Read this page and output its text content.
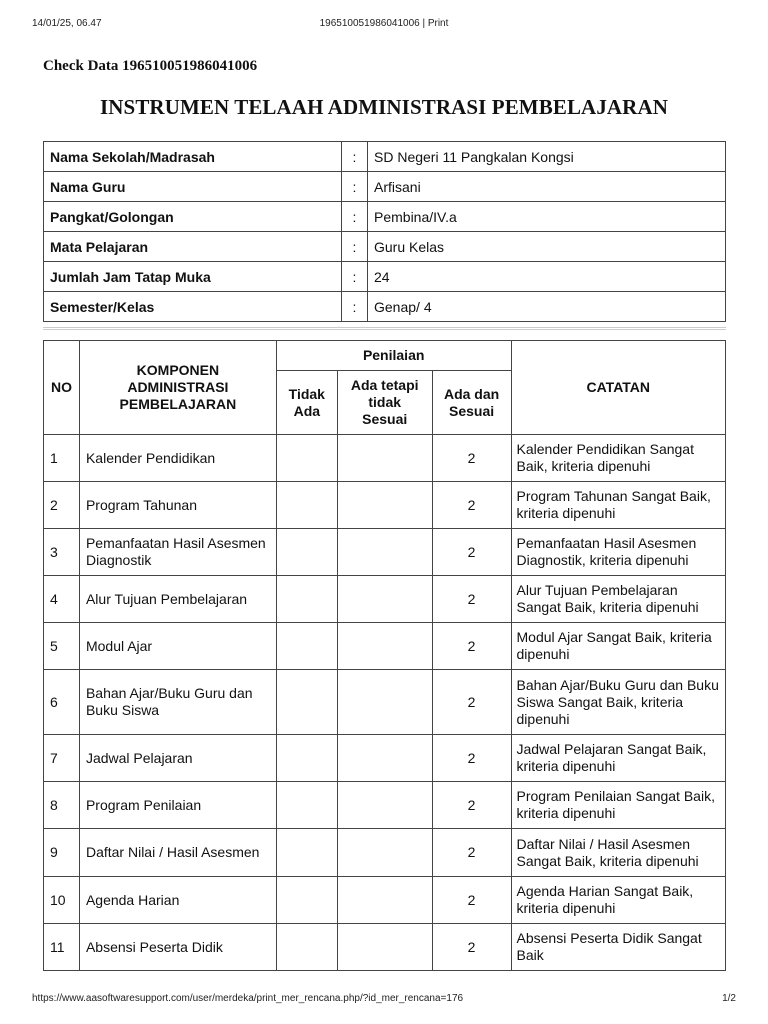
14/01/25, 06.47	196510051986041006 | Print
Check Data 196510051986041006
INSTRUMEN TELAAH ADMINISTRASI PEMBELAJARAN
Nama Sekolah/Madrasah	:	SD Negeri 11 Pangkalan Kongsi
Nama Guru	:	Arfisani
Pangkat/Golongan	:	Pembina/IV.a
Mata Pelajaran	:	Guru Kelas
Jumlah Jam Tatap Muka	:	24
Semester/Kelas	:	Genap/ 4
NO	KOMPONEN ADMINISTRASI PEMBELAJARAN	Penilaian			CATATAN
		Tidak Ada	Ada tetapi tidak Sesuai	Ada dan Sesuai	
1	Kalender Pendidikan			2	Kalender Pendidikan Sangat Baik, kriteria dipenuhi
2	Program Tahunan			2	Program Tahunan Sangat Baik, kriteria dipenuhi
3	Pemanfaatan Hasil Asesmen Diagnostik			2	Pemanfaatan Hasil Asesmen Diagnostik, kriteria dipenuhi
4	Alur Tujuan Pembelajaran			2	Alur Tujuan Pembelajaran Sangat Baik, kriteria dipenuhi
5	Modul Ajar			2	Modul Ajar Sangat Baik, kriteria dipenuhi
6	Bahan Ajar/Buku Guru dan Buku Siswa			2	Bahan Ajar/Buku Guru dan Buku Siswa Sangat Baik, kriteria dipenuhi
7	Jadwal Pelajaran			2	Jadwal Pelajaran Sangat Baik, kriteria dipenuhi
8	Program Penilaian			2	Program Penilaian Sangat Baik, kriteria dipenuhi
9	Daftar Nilai / Hasil Asesmen			2	Daftar Nilai / Hasil Asesmen Sangat Baik, kriteria dipenuhi
10	Agenda Harian			2	Agenda Harian Sangat Baik, kriteria dipenuhi
11	Absensi Peserta Didik			2	Absensi Peserta Didik Sangat Baik
https://www.aasoftwaresupport.com/user/merdeka/print_mer_rencana.php/?id_mer_rencana=176	1/2
